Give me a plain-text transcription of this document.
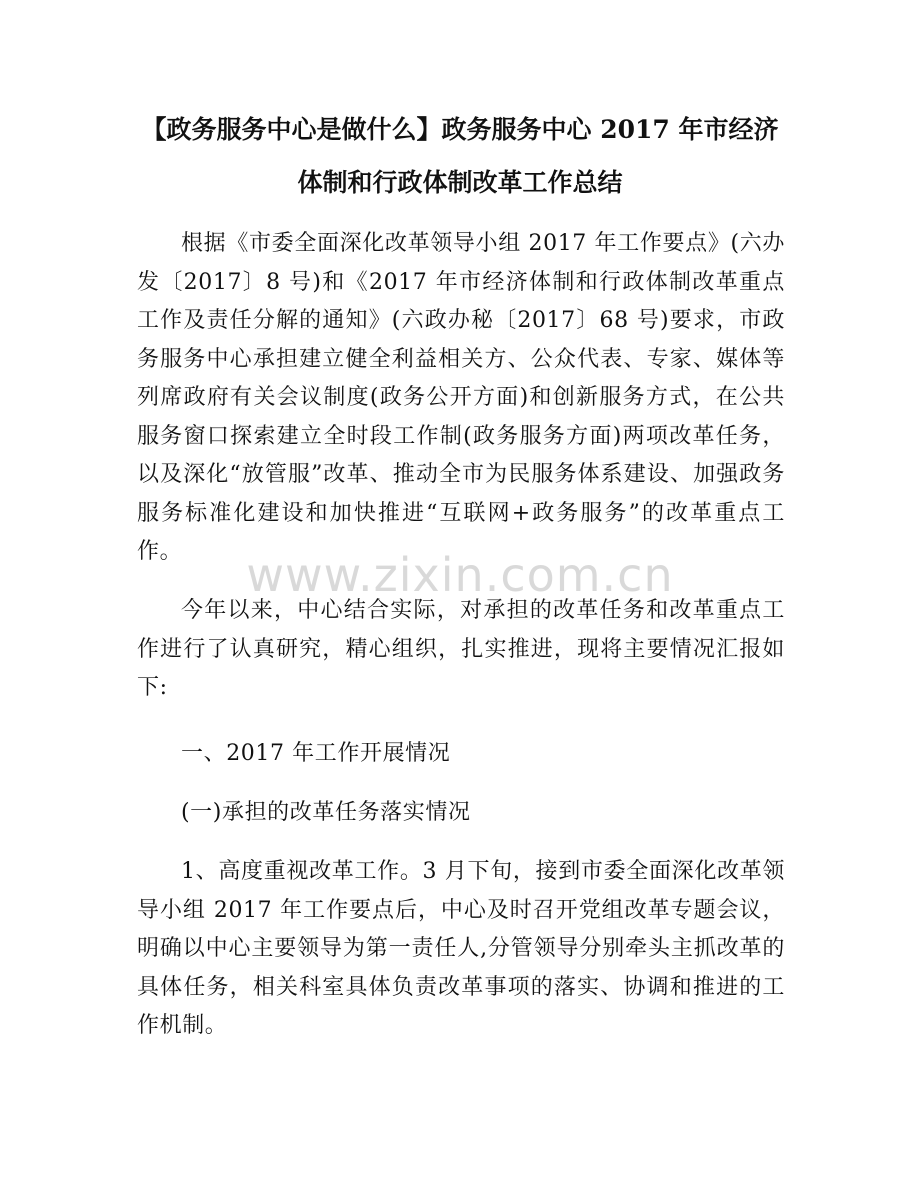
【政务服务中心是做什么】政务服务中心 2017 年市经济
体制和行政体制改革工作总结

根据《市委全面深化改革领导小组 2017 年工作要点》(六办发〔2017〕8 号)和《2017 年市经济体制和行政体制改革重点工作及责任分解的通知》(六政办秘〔2017〕68 号)要求，市政务服务中心承担建立健全利益相关方、公众代表、专家、媒体等列席政府有关会议制度(政务公开方面)和创新服务方式，在公共服务窗口探索建立全时段工作制(政务服务方面)两项改革任务，以及深化“放管服”改革、推动全市为民服务体系建设、加强政务服务标准化建设和加快推进“互联网+政务服务”的改革重点工作。	www.zixin.com.cn

今年以来，中心结合实际，对承担的改革任务和改革重点工作进行了认真研究，精心组织，扎实推进，现将主要情况汇报如下:

一、2017 年工作开展情况

(一)承担的改革任务落实情况

1、高度重视改革工作。3 月下旬，接到市委全面深化改革领导小组 2017 年工作要点后，中心及时召开党组改革专题会议，明确以中心主要领导为第一责任人,分管领导分别牵头主抓改革的具体任务，相关科室具体负责改革事项的落实、协调和推进的工作机制。
